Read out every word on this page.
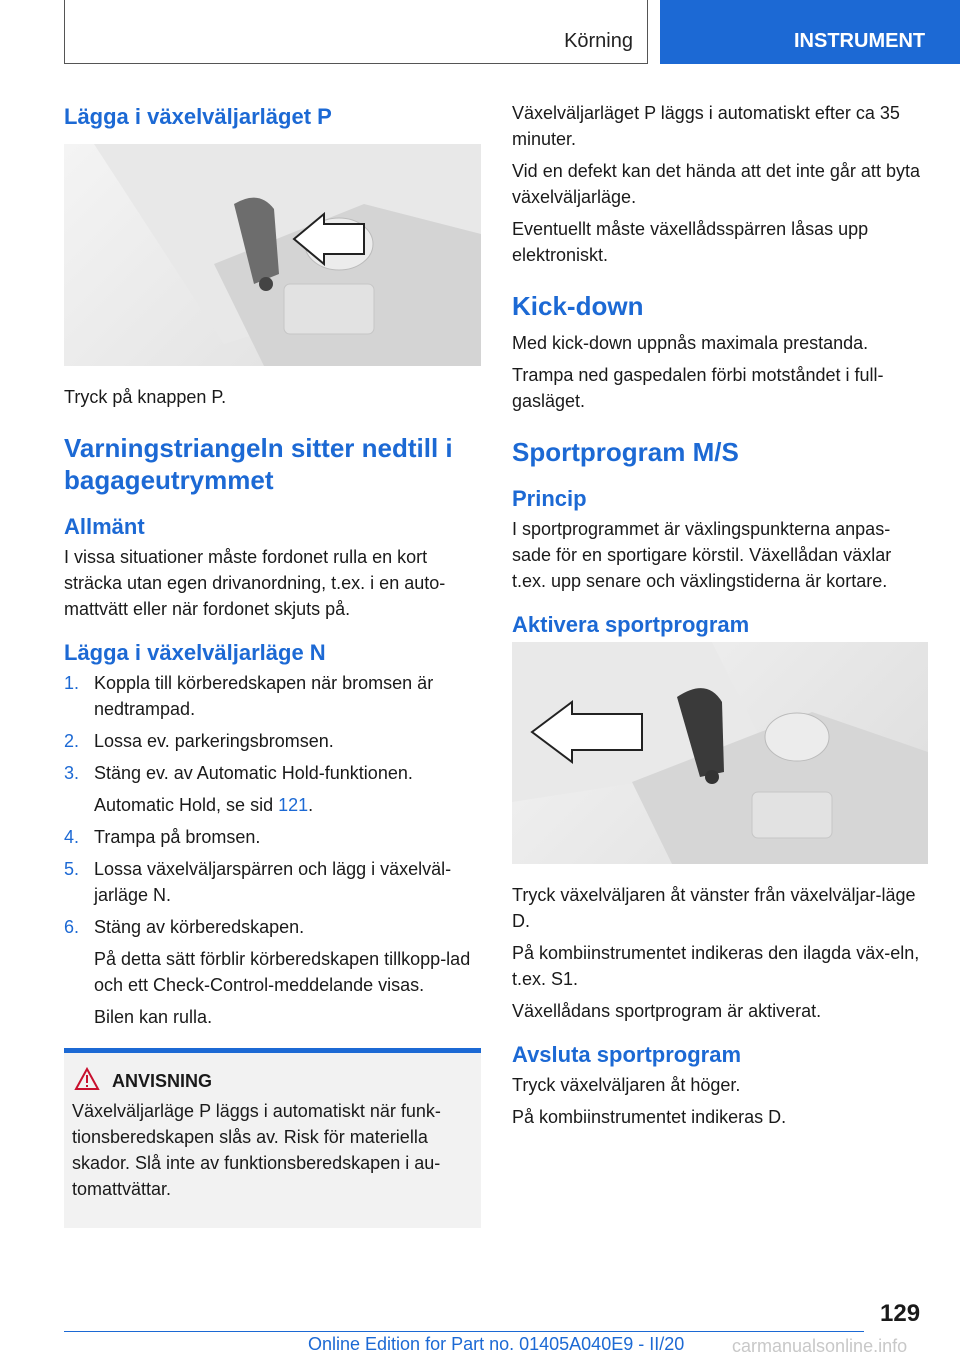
Körning	INSTRUMENT
Lägga i växelväljarläget P

Tryck på knappen P.

Varningstriangeln sitter nedtill i bagageutrymmet
Allmänt

I vissa situationer måste fordonet rulla en kort sträcka utan egen drivanordning, t.ex. i en auto-mattvätt eller när fordonet skjuts på.

Lägga i växelväljarläge N
1. Koppla till körberedskapen när bromsen är nedtrampad.
2. Lossa ev. parkeringsbromsen.
3. Stäng ev. av Automatic Hold-funktionen.

Automatic Hold, se sid 121.

4. Trampa på bromsen.
5. Lossa växelväljarspärren och lägg i växelväl-jarläge N.
6. Stäng av körberedskapen.

På detta sätt förblir körberedskapen tillkopp-lad och ett Check-Control-meddelande visas.

Bilen kan rulla.

ANVISNING

Växelväljarläge P läggs i automatiskt när funk-tionsberedskapen slås av. Risk för materiella skador. Slå inte av funktionsberedskapen i au-tomattvättar.

Växelväljarläget P läggs i automatiskt efter ca 35 minuter.

Vid en defekt kan det hända att det inte går att byta växelväljarläge.

Eventuellt måste växellådsspärren låsas upp elektroniskt.

Kick-down

Med kick-down uppnås maximala prestanda.

Trampa ned gaspedalen förbi motståndet i full-gasläget.

Sportprogram M/S
Princip

I sportprogrammet är växlingspunkterna anpas-sade för en sportigare körstil. Växellådan växlar t.ex. upp senare och växlingstiderna är kortare.

Aktivera sportprogram

Tryck växelväljaren åt vänster från växelväljar-läge D.

På kombiinstrumentet indikeras den ilagda väx-eln, t.ex. S1.

Växellådans sportprogram är aktiverat.

Avsluta sportprogram

Tryck växelväljaren åt höger.

På kombiinstrumentet indikeras D.

129
Online Edition for Part no. 01405A040E9 - II/20	carmanualsonline.info
